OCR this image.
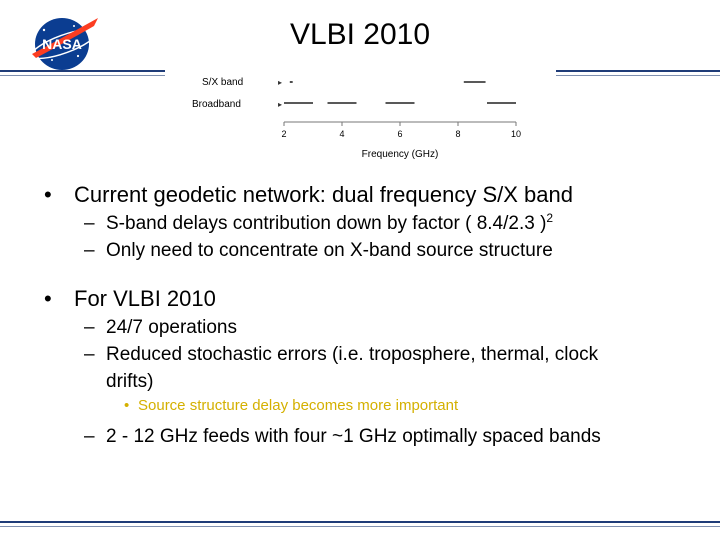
NASA	VLBI 2010
S/X band
Broadband
▸
▸
2	4	6	8	10
Frequency (GHz)
• Current geodetic network: dual frequency S/X band
– S-band delays contribution down by factor ( 8.4/2.3 )$^2$
– Only need to concentrate on X-band source structure
• For VLBI 2010
– 24/7 operations
– Reduced stochastic errors (i.e. troposphere, thermal, clock drifts)
• Source structure delay becomes more important
– 2 - 12 GHz feeds with four ~1 GHz optimally spaced bands
